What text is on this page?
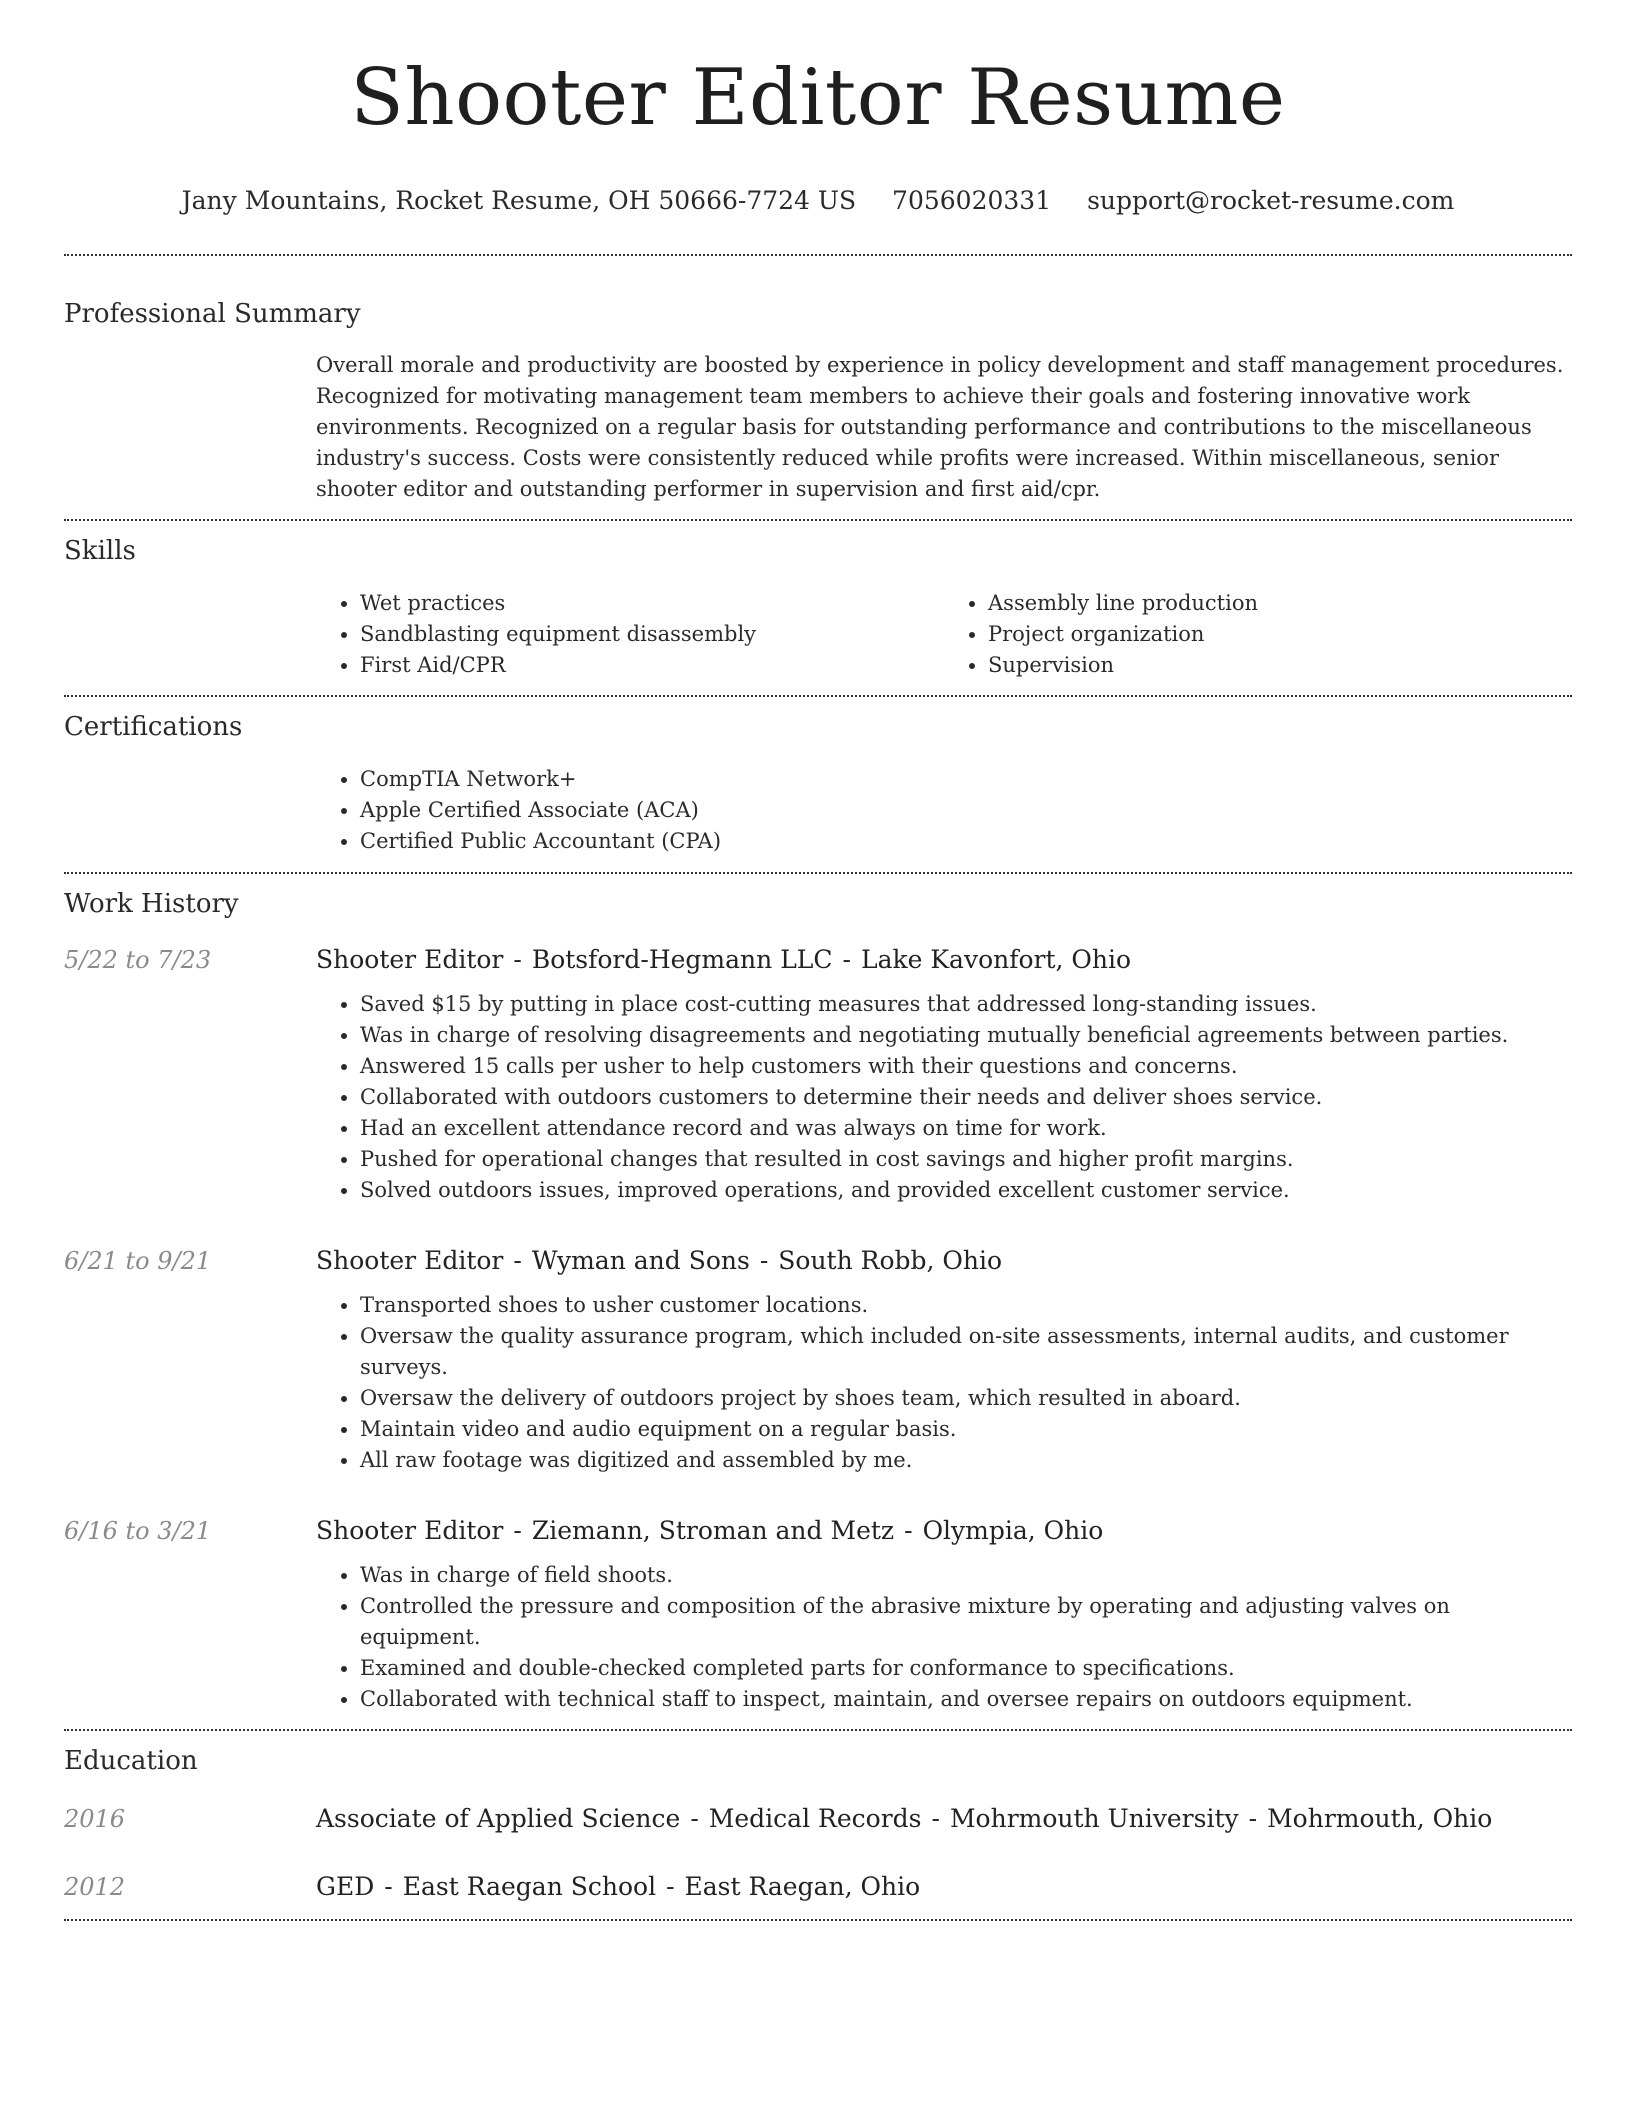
Shooter Editor Resume
Jany Mountains, Rocket Resume, OH 50666-7724 US 7056020331 support@rocket-resume.com
Professional Summary

Overall morale and productivity are boosted by experience in policy development and staff management procedures. Recognized for motivating management team members to achieve their goals and fostering innovative work environments. Recognized on a regular basis for outstanding performance and contributions to the miscellaneous industry's success. Costs were consistently reduced while profits were increased. Within miscellaneous, senior shooter editor and outstanding performer in supervision and first aid/cpr.

Skills
• Wet practices
• Sandblasting equipment disassembly
• First Aid/CPR
• Assembly line production
• Project organization
• Supervision
Certifications
• CompTIA Network+
• Apple Certified Associate (ACA)
• Certified Public Accountant (CPA)
Work History
5/22 to 7/23	Shooter Editor - Botsford-Hegmann LLC - Lake Kavonfort, Ohio
• Saved $15 by putting in place cost-cutting measures that addressed long-standing issues.
• Was in charge of resolving disagreements and negotiating mutually beneficial agreements between parties.
• Answered 15 calls per usher to help customers with their questions and concerns.
• Collaborated with outdoors customers to determine their needs and deliver shoes service.
• Had an excellent attendance record and was always on time for work.
• Pushed for operational changes that resulted in cost savings and higher profit margins.
• Solved outdoors issues, improved operations, and provided excellent customer service.
6/21 to 9/21	Shooter Editor - Wyman and Sons - South Robb, Ohio
• Transported shoes to usher customer locations.
• Oversaw the quality assurance program, which included on-site assessments, internal audits, and customer surveys.
• Oversaw the delivery of outdoors project by shoes team, which resulted in aboard.
• Maintain video and audio equipment on a regular basis.
• All raw footage was digitized and assembled by me.
6/16 to 3/21	Shooter Editor - Ziemann, Stroman and Metz - Olympia, Ohio
• Was in charge of field shoots.
• Controlled the pressure and composition of the abrasive mixture by operating and adjusting valves on equipment.
• Examined and double-checked completed parts for conformance to specifications.
• Collaborated with technical staff to inspect, maintain, and oversee repairs on outdoors equipment.
Education
2016	Associate of Applied Science - Medical Records - Mohrmouth University - Mohrmouth, Ohio
2012	GED - East Raegan School - East Raegan, Ohio
